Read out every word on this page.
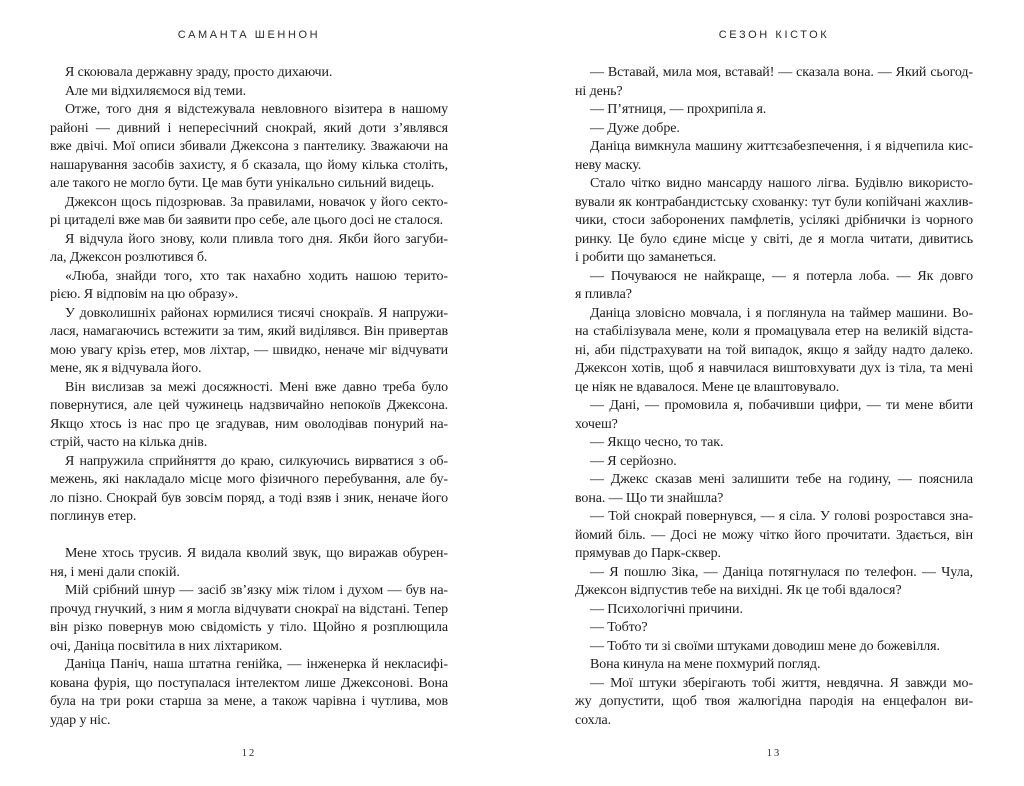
САМАНТА ШЕННОН
Я скоювала державну зраду, просто дихаючи.
Але ми відхиляємося від теми.
Отже, того дня я відстежувала невловного візитера в нашому
районі — дивний і непересічний снокрай, який доти з’являвся
вже двічі. Мої описи збивали Джексона з пантелику. Зважаючи на
нашарування засобів захисту, я б сказала, що йому кілька століть,
але такого не могло бути. Це мав бути унікально сильний видець.
Джексон щось підозрював. За правилами, новачок у його секто-
рі цитаделі вже мав би заявити про себе, але цього досі не сталося.
Я відчула його знову, коли пливла того дня. Якби його загуби-
ла, Джексон розлютився б.
«Люба, знайди того, хто так нахабно ходить нашою терито-
рією. Я відповім на цю образу».
У довколишніх районах юрмилися тисячі снокраїв. Я напружи-
лася, намагаючись встежити за тим, який виділявся. Він привертав
мою увагу крізь етер, мов ліхтар, — швидко, неначе міг відчувати
мене, як я відчувала його.
Він вислизав за межі досяжності. Мені вже давно треба було
повернутися, але цей чужинець надзвичайно непокоїв Джексона.
Якщо хтось із нас про це згадував, ним оволодівав понурий на-
стрій, часто на кілька днів.
Я напружила сприйняття до краю, силкуючись вирватися з об-
межень, які накладало місце мого фізичного перебування, але бу-
ло пізно. Снокрай був зовсім поряд, а тоді взяв і зник, неначе його
поглинув етер.
Мене хтось трусив. Я видала кволий звук, що виражав обурен-
ня, і мені дали спокій.
Мій срібний шнур — засіб зв’язку між тілом і духом — був на-
прочуд гнучкий, з ним я могла відчувати снокраї на відстані. Тепер
він різко повернув мою свідомість у тіло. Щойно я розплющила
очі, Даніца посвітила в них ліхтариком.
Даніца Паніч, наша штатна генійка, — інженерка й некласифі-
кована фурія, що поступалася інтелектом лише Джексонові. Вона
була на три роки старша за мене, а також чарівна і чутлива, мов
удар у ніс.
12
СЕЗОН КІСТОК
— Вставай, мила моя, вставай! — сказала вона. — Який сьогод-
ні день?
— П’ятниця, — прохрипіла я.
— Дуже добре.
Даніца вимкнула машину життєзабезпечення, і я відчепила кис-
неву маску.
Стало чітко видно мансарду нашого лігва. Будівлю використо-
вували як контрабандистську схованку: тут були копійчані жахлив-
чики, стоси заборонених памфлетів, усілякі дрібнички із чорного
ринку. Це було єдине місце у світі, де я могла читати, дивитись
і робити що заманеться.
— Почуваюся не найкраще, — я потерла лоба. — Як довго
я пливла?
Даніца зловісно мовчала, і я поглянула на таймер машини. Во-
на стабілізувала мене, коли я промацувала етер на великій відста-
ні, аби підстрахувати на той випадок, якщо я зайду надто далеко.
Джексон хотів, щоб я навчилася виштовхувати дух із тіла, та мені
це ніяк не вдавалося. Мене це влаштовувало.
— Дані, — промовила я, побачивши цифри, — ти мене вбити
хочеш?
— Якщо чесно, то так.
— Я серйозно.
— Джекс сказав мені залишити тебе на годину, — пояснила
вона. — Що ти знайшла?
— Той снокрай повернувся, — я сіла. У голові розростався зна-
йомий біль. — Досі не можу чітко його прочитати. Здається, він
прямував до Парк-сквер.
— Я пошлю Зіка, — Даніца потягнулася по телефон. — Чула,
Джексон відпустив тебе на вихідні. Як це тобі вдалося?
— Психологічні причини.
— Тобто?
— Тобто ти зі своїми штуками доводиш мене до божевілля.
Вона кинула на мене похмурий погляд.
— Мої штуки зберігають тобі життя, невдячна. Я завжди мо-
жу допустити, щоб твоя жалюгідна пародія на енцефалон ви-
сохла.
13
